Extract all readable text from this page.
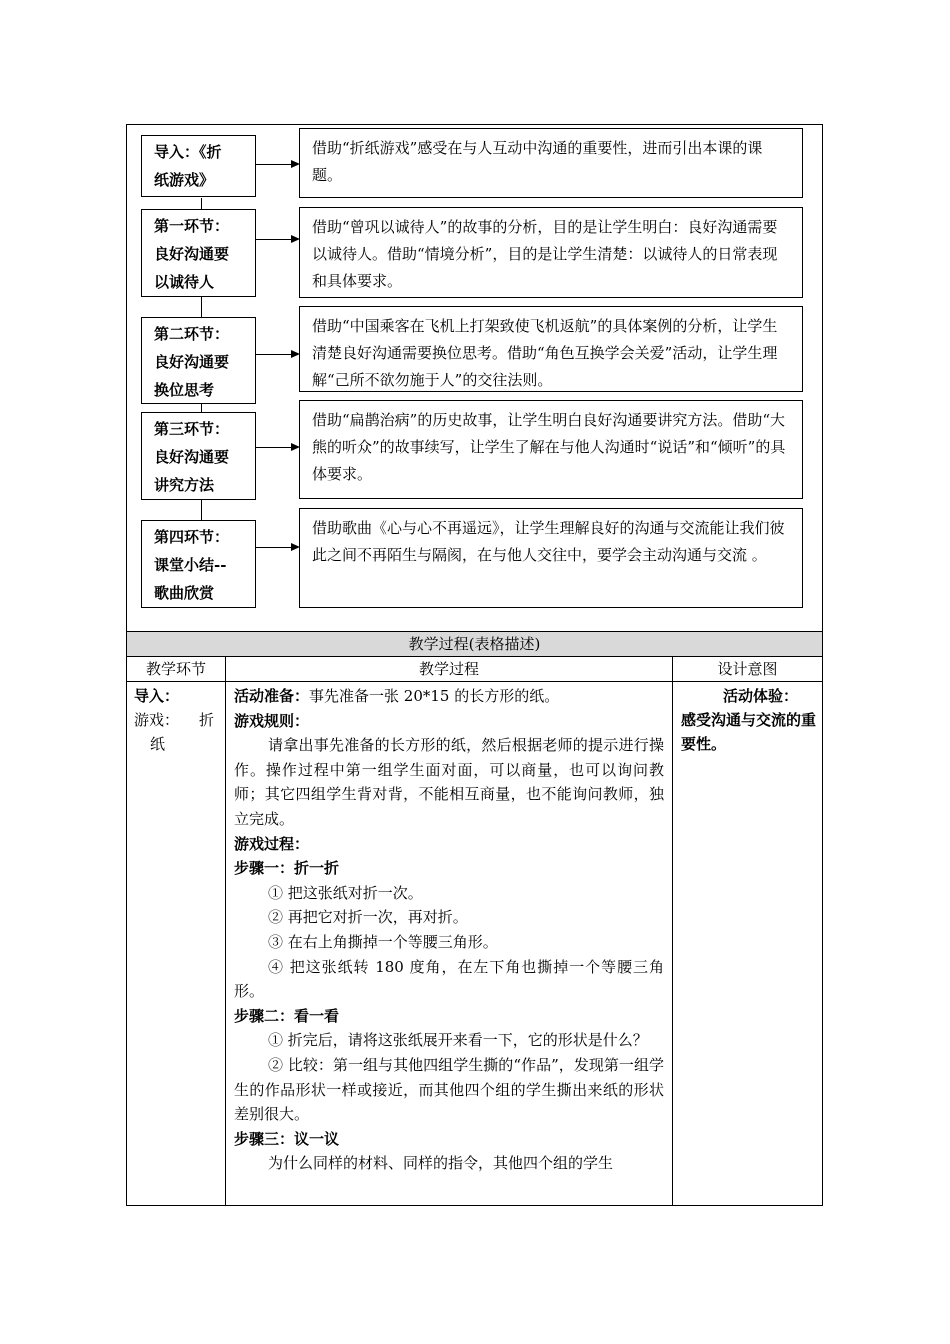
导入：《折
纸游戏》
借助“折纸游戏”感受在与人互动中沟通的重要性，进而引出本课的课题。
第一环节：
良好沟通要
以诚待人
借助“曾巩以诚待人”的故事的分析，目的是让学生明白：良好沟通需要以诚待人。借助“情境分析”，目的是让学生清楚：以诚待人的日常表现和具体要求。
第二环节：
良好沟通要
换位思考
借助“中国乘客在飞机上打架致使飞机返航”的具体案例的分析，让学生清楚良好沟通需要换位思考。借助“角色互换学会关爱”活动，让学生理解“己所不欲勿施于人”的交往法则。
第三环节：
良好沟通要
讲究方法
借助“扁鹊治病”的历史故事，让学生明白良好沟通要讲究方法。借助“大熊的听众”的故事续写，让学生了解在与他人沟通时“说话”和“倾听”的具体要求。
第四环节：
课堂小结--
歌曲欣赏
借助歌曲《心与心不再遥远》，让学生理解良好的沟通与交流能让我们彼此之间不再陌生与隔阂，在与他人交往中，要学会主动沟通与交流 。
教学过程(表格描述)
教学环节	教学过程	设计意图
导入：
游戏： 折
纸

活动准备：事先准备一张 20*15 的长方形的纸。

游戏规则：

请拿出事先准备的长方形的纸，然后根据老师的提示进行操作。操作过程中第一组学生面对面，可以商量，也可以询问教师；其它四组学生背对背，不能相互商量，也不能询问教师，独立完成。

游戏过程：

步骤一：折一折

① 把这张纸对折一次。

② 再把它对折一次，再对折。

③ 在右上角撕掉一个等腰三角形。

④ 把这张纸转 180 度角，在左下角也撕掉一个等腰三角形。

步骤二：看一看

① 折完后，请将这张纸展开来看一下，它的形状是什么？

② 比较：第一组与其他四组学生撕的“作品”，发现第一组学生的作品形状一样或接近，而其他四个组的学生撕出来纸的形状差别很大。

步骤三：议一议

为什么同样的材料、同样的指令，其他四个组的学生

活动体验：
感受沟通与交流的重要性。
